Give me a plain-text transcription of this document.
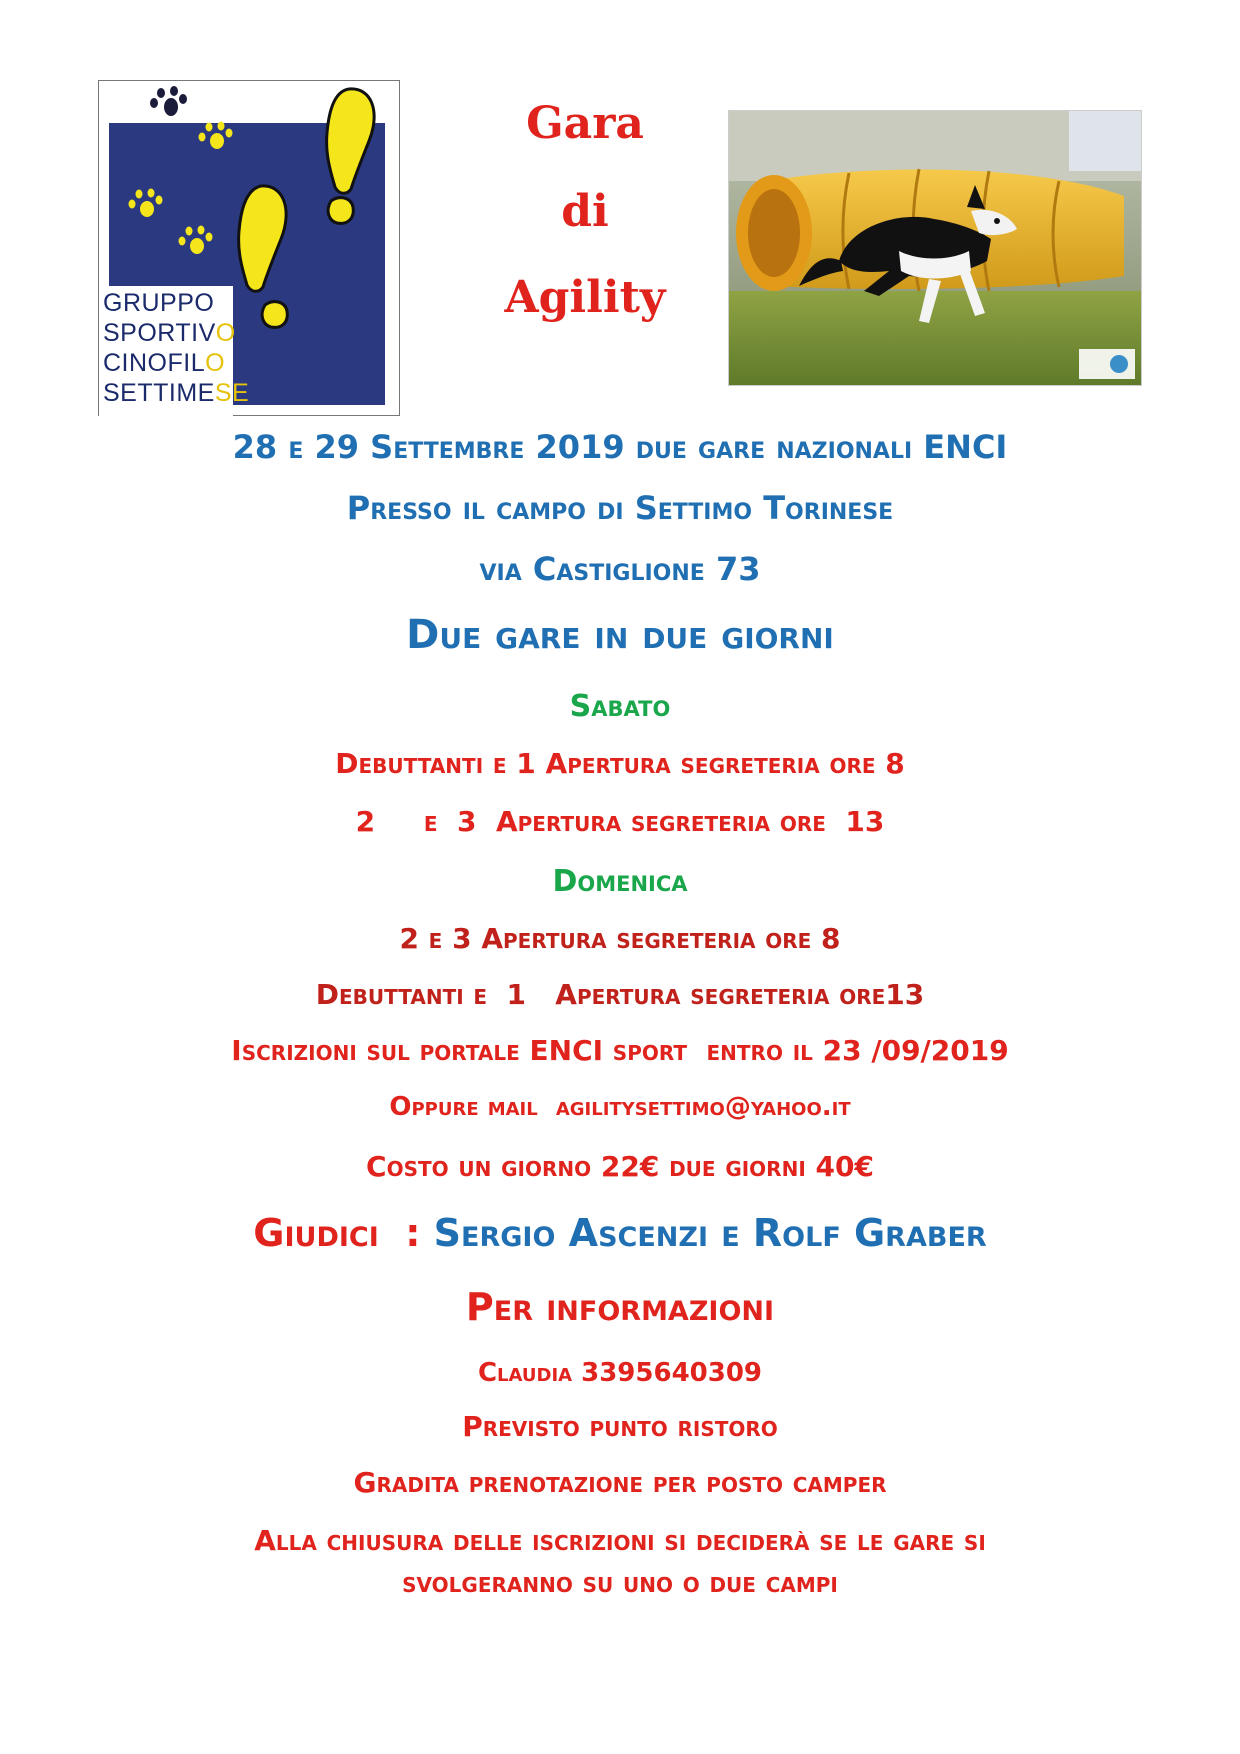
GRUPPO
SPORTIVO
CINOFILO
SETTIMESE
Gara
di
Agility
28 e 29 Settembre 2019 due gare nazionali ENCI
Presso il campo di Settimo Torinese
via Castiglione 73
Due gare in due giorni
Sabato
Debuttanti e 1 Apertura segreteria ore 8
2     e  3  Apertura segreteria ore  13
Domenica
2 e 3 Apertura segreteria ore 8
Debuttanti e  1   Apertura segreteria ore13
Iscrizioni sul portale ENCI sport  entro il 23 /09/2019
Oppure mail  agilitysettimo@yahoo.it
Costo un giorno 22€ due giorni 40€
Giudici  : Sergio Ascenzi e Rolf Graber
Per informazioni
Claudia 3395640309
Previsto punto ristoro
Gradita prenotazione per posto camper
Alla chiusura delle iscrizioni si deciderà se le gare si
svolgeranno su uno o due campi
